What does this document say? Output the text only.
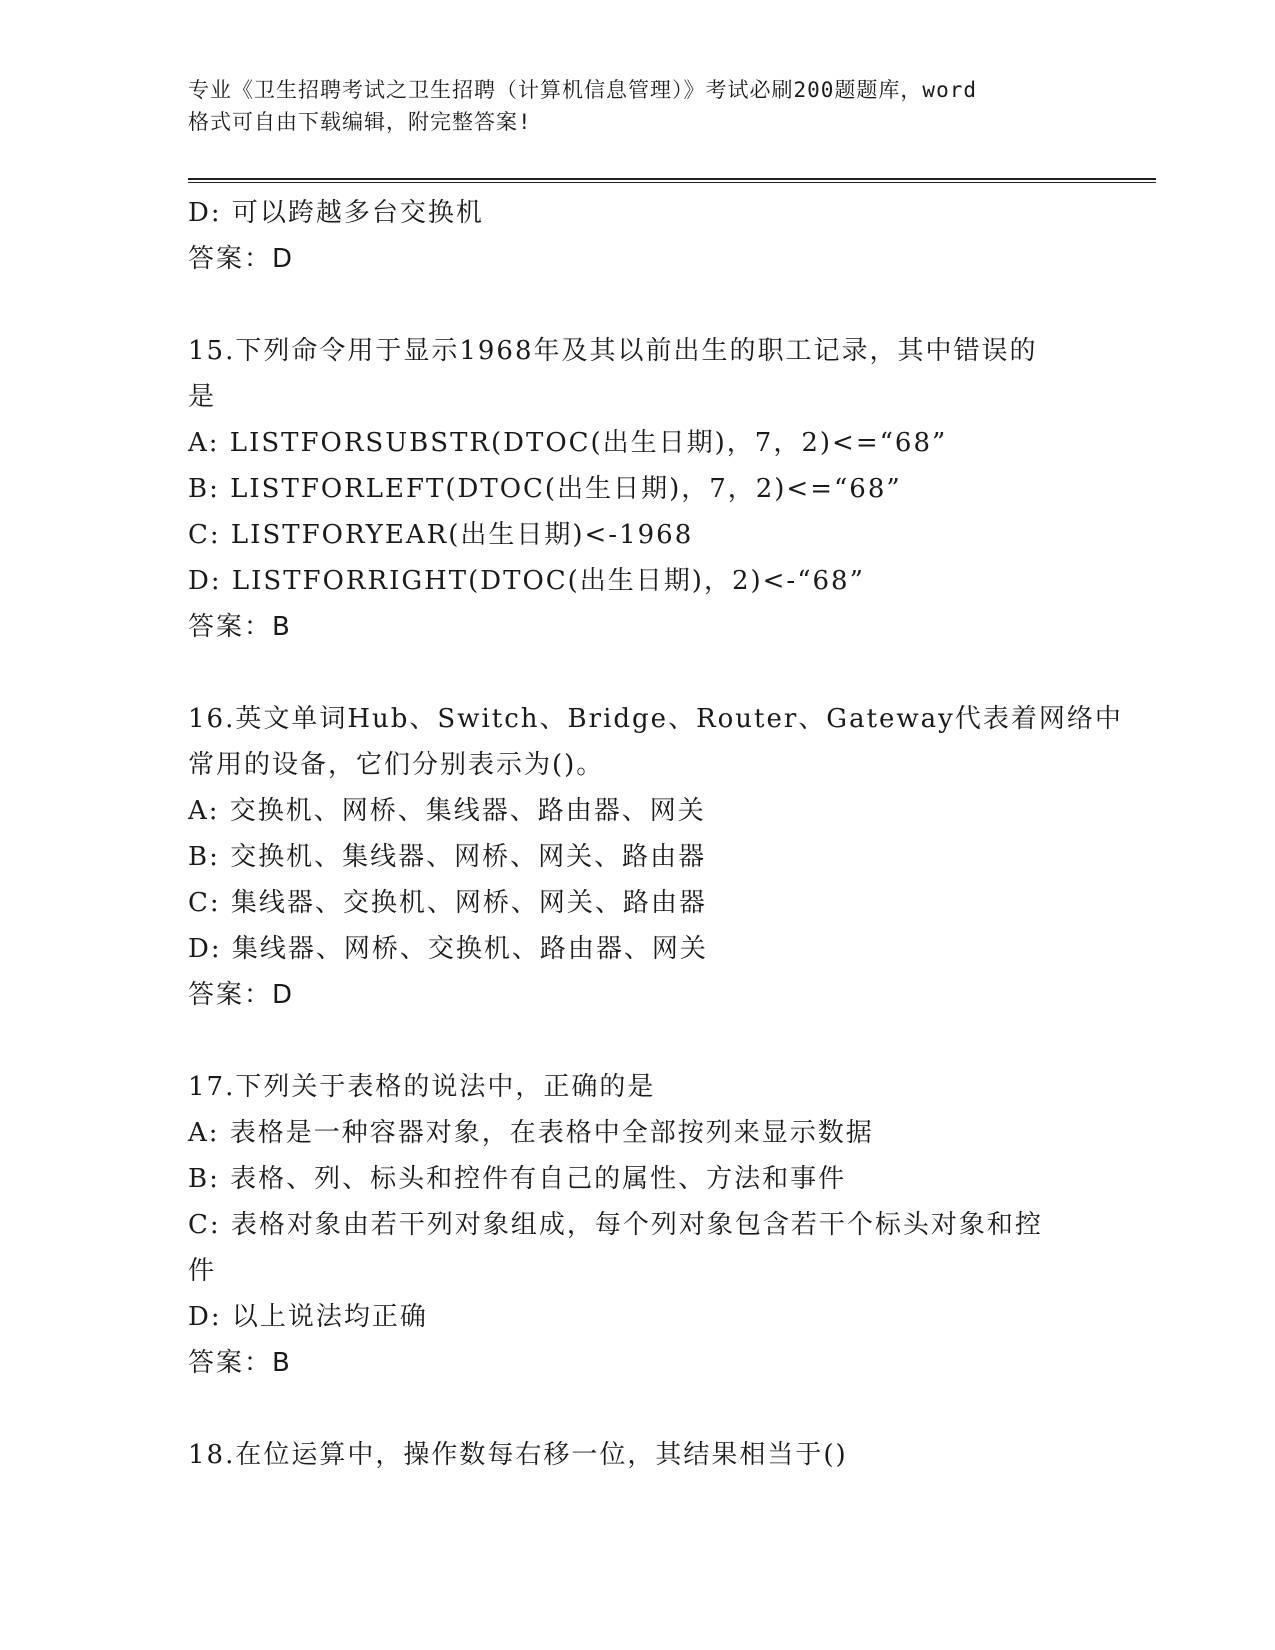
专业《卫生招聘考试之卫生招聘（计算机信息管理）》考试必刷200题题库，word
格式可自由下载编辑，附完整答案!
D: 可以跨越多台交换机
答案：D
15.下列命令用于显示1968年及其以前出生的职工记录，其中错误的
是
A: LISTFORSUBSTR(DTOC(出生日期)，7，2)<=“68”
B: LISTFORLEFT(DTOC(出生日期)，7，2)<=“68”
C: LISTFORYEAR(出生日期)<-1968
D: LISTFORRIGHT(DTOC(出生日期)，2)<-“68”
答案：B
16.英文单词Hub、Switch、Bridge、Router、Gateway代表着网络中
常用的设备，它们分别表示为()。
A: 交换机、网桥、集线器、路由器、网关
B: 交换机、集线器、网桥、网关、路由器
C: 集线器、交换机、网桥、网关、路由器
D: 集线器、网桥、交换机、路由器、网关
答案：D
17.下列关于表格的说法中，正确的是
A: 表格是一种容器对象，在表格中全部按列来显示数据
B: 表格、列、标头和控件有自己的属性、方法和事件
C: 表格对象由若干列对象组成，每个列对象包含若干个标头对象和控
件
D: 以上说法均正确
答案：B
18.在位运算中，操作数每右移一位，其结果相当于()
